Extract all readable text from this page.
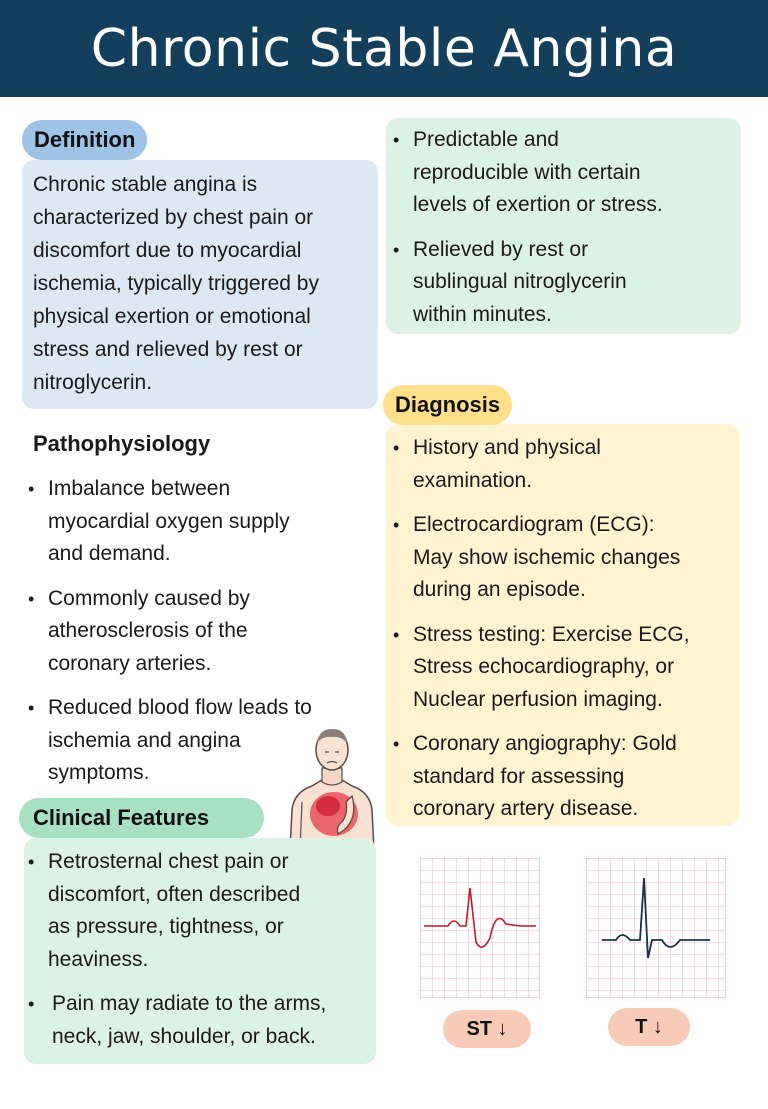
Chronic Stable Angina
Definition
Chronic stable angina is
characterized by chest pain or
discomfort due to myocardial
ischemia, typically triggered by
physical exertion or emotional
stress and relieved by rest or
nitroglycerin.
Pathophysiology
• Imbalance between
myocardial oxygen supply
and demand.
• Commonly caused by
atherosclerosis of the
coronary arteries.
• Reduced blood flow leads to
ischemia and angina
symptoms.
Clinical Features
• Retrosternal chest pain or
discomfort, often described
as pressure, tightness, or
heaviness.
• Pain may radiate to the arms,
neck, jaw, shoulder, or back.
• Predictable and
reproducible with certain
levels of exertion or stress.
• Relieved by rest or
sublingual nitroglycerin
within minutes.
Diagnosis
• History and physical
examination.
• Electrocardiogram (ECG):
May show ischemic changes
during an episode.
• Stress testing: Exercise ECG,
Stress echocardiography, or
Nuclear perfusion imaging.
• Coronary angiography: Gold
standard for assessing
coronary artery disease.
ST ↓	T ↓
